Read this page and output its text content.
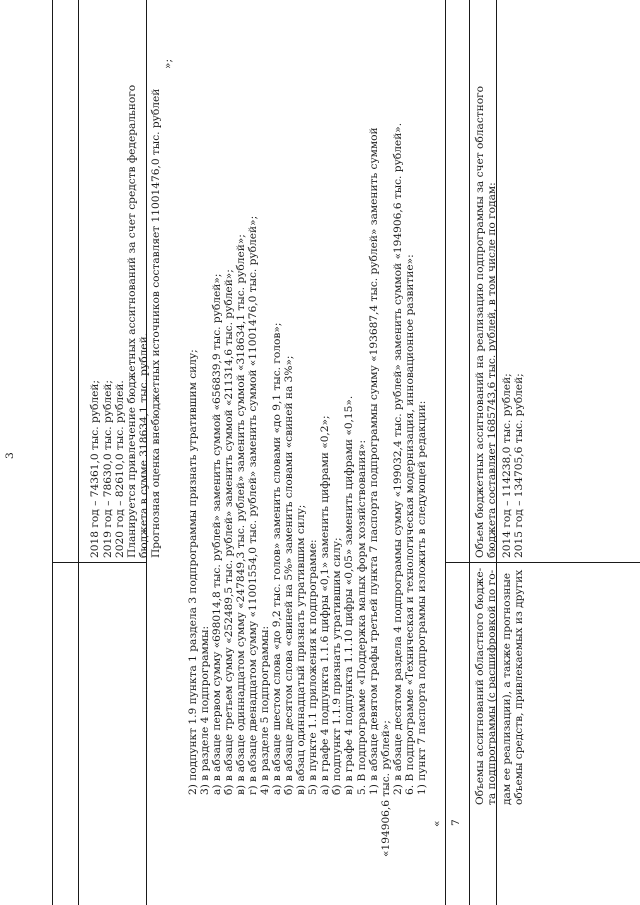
3	2018 год – 74361,0 тыс. рублей; 2019 год – 78630,0 тыс. рублей; 2020 год – 82610,0 тыс. рублей. Планируется привлечение бюджетных ассигнований за счет средств федерального бюджета в сумме 318634,1 тыс. рублей. Прогнозная оценка внебюджетных источников составляет 11001476,0 тыс. рублей
»;
2) подпункт 1.9 пункта 1 раздела 3 подпрограммы признать утратившим силу; 3) в разделе 4 подпрограммы: а) в абзаце первом сумму «698014,8 тыс. рублей» заменить суммой «656839,9 тыс. рублей»; б) в абзаце третьем сумму «252489,5 тыс. рублей» заменить суммой «211314,6 тыс. рублей»; в) в абзаце одиннадцатом сумму «247849,3 тыс. рублей» заменить суммой «318634,1 тыс. рублей»; г) в абзаце двенадцатом сумму «11001554,0 тыс. рублей» заменить суммой «11001476,0 тыс. рублей»; 4) в разделе 5 подпрограммы: а) в абзаце шестом слова «до 9,2 тыс. голов» заменить словами «до 9,1 тыс. голов»; б) в абзаце десятом слова «свиней на 5%» заменить словами «свиней на 3%»; в) абзац одиннадцатый признать утратившим силу; 5) в пункте 1.1 приложения к подпрограмме: а) в графе 4 подпункта 1.1.6 цифры «0,1» заменить цифрами «0,2»; б) подпункт 1.1.9 признать утратившим силу; в) в графе 4 подпункта 1.1.10 цифры «0,05» заменить цифрами «0,15». 5. В подпрограмме «Поддержка малых форм хозяйствования»: 1) в абзаце девятом графы третьей пункта 7 паспорта подпрограммы сумму «193687,4 тыс. рублей» заменить суммой «194906,6 тыс. рублей»; 2) в абзаце десятом раздела 4 подпрограммы сумму «199032,4 тыс. рублей» заменить суммой «194906,6 тыс. рублей». 6. В подпрограмме «Техническая и технологическая модернизация, инновационное развитие»: 1) пункт 7 паспорта подпрограммы изложить в следующей редакции:
« 7
Объемы ассигнований областного бюдже- та подпрограммы (с расшифровкой по го- дам ее реализации), а также прогнозные объемы средств, привлекаемых из других
Объем бюджетных ассигнований на реализацию подпрограммы за счет областного бюджета составляет 1685743,6 тыс. рублей, в том числе по годам: 2014 год – 114238,0 тыс. рублей; 2015 год – 134705,6 тыс. рублей;
